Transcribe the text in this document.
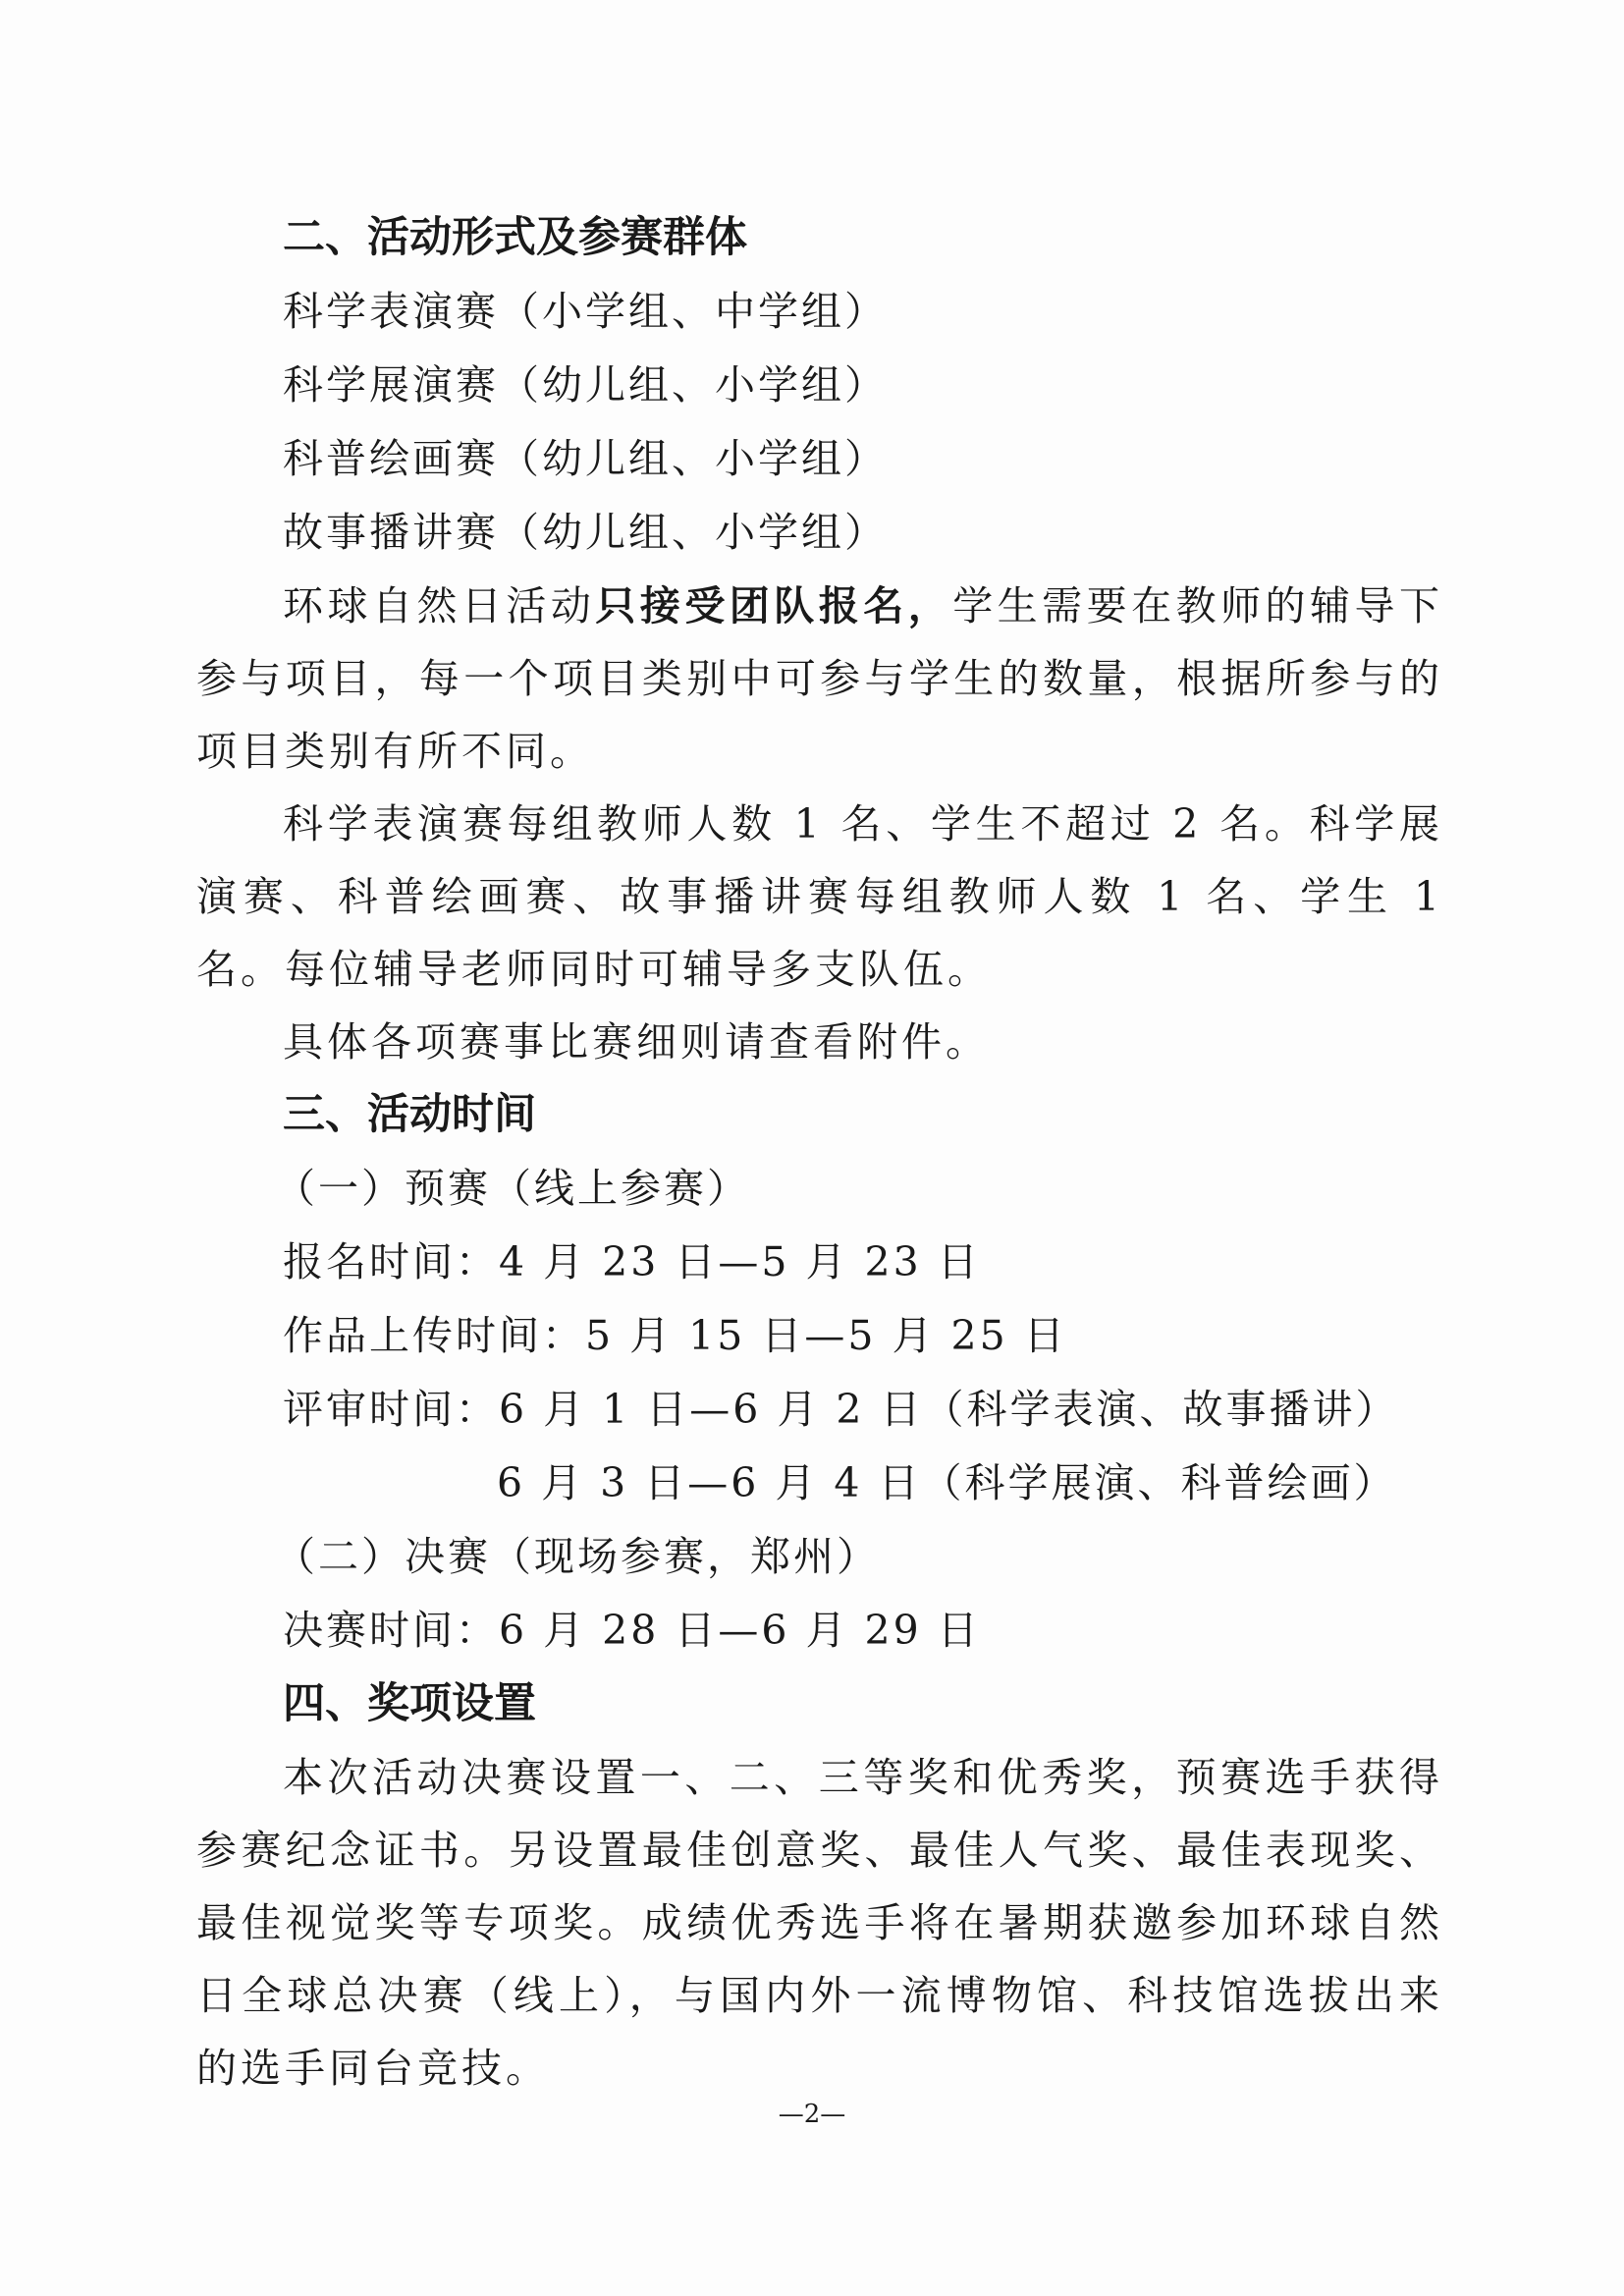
二、活动形式及参赛群体
科学表演赛（小学组、中学组）
科学展演赛（幼儿组、小学组）
科普绘画赛（幼儿组、小学组）
故事播讲赛（幼儿组、小学组）
环球自然日活动只接受团队报名，学生需要在教师的辅导下参与项目，每一个项目类别中可参与学生的数量，根据所参与的项目类别有所不同。
科学表演赛每组教师人数 1 名、学生不超过 2 名。科学展演赛、科普绘画赛、故事播讲赛每组教师人数 1 名、学生 1 名。每位辅导老师同时可辅导多支队伍。
具体各项赛事比赛细则请查看附件。
三、活动时间
（一）预赛（线上参赛）
报名时间：4 月 23 日—5 月 23 日
作品上传时间：5 月 15 日—5 月 25 日
评审时间：6 月 1 日—6 月 2 日（科学表演、故事播讲）
6 月 3 日—6 月 4 日（科学展演、科普绘画）
（二）决赛（现场参赛，郑州）
决赛时间：6 月 28 日—6 月 29 日
四、奖项设置
本次活动决赛设置一、二、三等奖和优秀奖，预赛选手获得参赛纪念证书。另设置最佳创意奖、最佳人气奖、最佳表现奖、最佳视觉奖等专项奖。成绩优秀选手将在暑期获邀参加环球自然日全球总决赛（线上），与国内外一流博物馆、科技馆选拔出来的选手同台竞技。
—2—
